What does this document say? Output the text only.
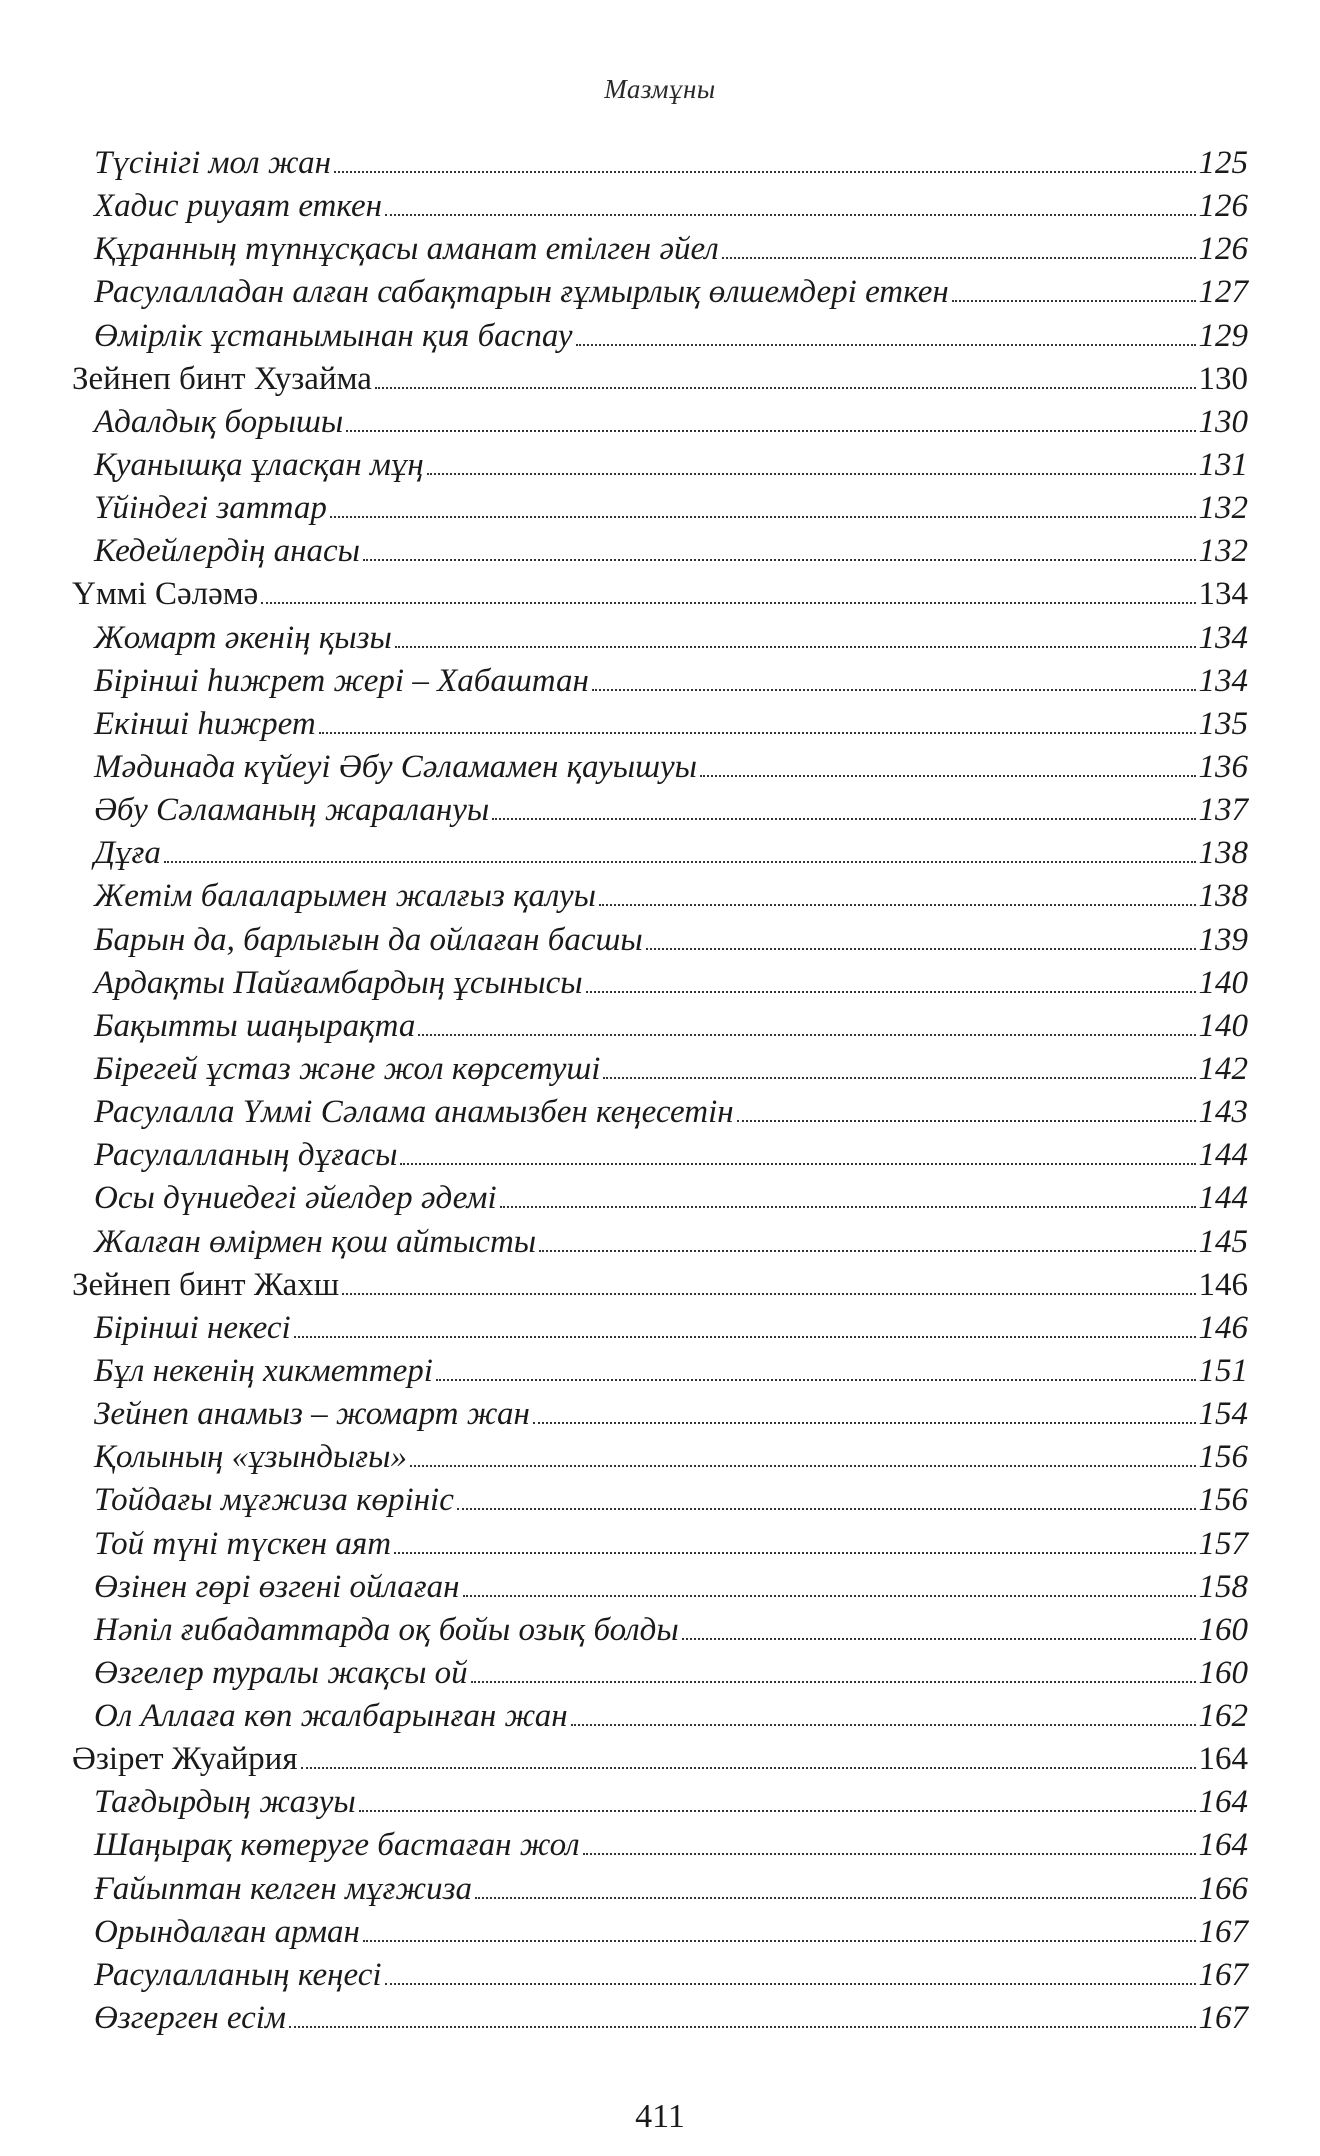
Мазмұны
Түсінігі мол жан	125
Хадис риуаят еткен	126
Құранның түпнұсқасы аманат етілген әйел	126
Расулалладан алған сабақтарын ғұмырлық өлшемдері еткен	127
Өмірлік ұстанымынан қия баспау	129
Зейнеп бинт Хузайма	130
Адалдық борышы	130
Қуанышқа ұласқан мұң	131
Үйіндегі заттар	132
Кедейлердің анасы	132
Үммі Сәләмә	134
Жомарт әкенің қызы	134
Бірінші һижрет жері – Хабаштан	134
Екінші һижрет	135
Мәдинада күйеуі Әбу Сәламамен қауышуы	136
Әбу Сәламаның жаралануы	137
Дұға	138
Жетім балаларымен жалғыз қалуы	138
Барын да, барлығын да ойлаған басшы	139
Ардақты Пайғамбардың ұсынысы	140
Бақытты шаңырақта	140
Бірегей ұстаз және жол көрсетуші	142
Расулалла Үммі Сәлама анамызбен кеңесетін	143
Расулалланың дұғасы	144
Осы дүниедегі әйелдер әдемі	144
Жалған өмірмен қош айтысты	145
Зейнеп бинт Жахш	146
Бірінші некесі	146
Бұл некенің хикметтері	151
Зейнеп анамыз – жомарт жан	154
Қолының «ұзындығы»	156
Тойдағы мұғжиза көрініс	156
Той түні түскен аят	157
Өзінен гөрі өзгені ойлаған	158
Нәпіл ғибадаттарда оқ бойы озық болды	160
Өзгелер туралы жақсы ой	160
Ол Аллаға көп жалбарынған жан	162
Әзірет Жуайрия	164
Тағдырдың жазуы	164
Шаңырақ көтеруге бастаған жол	164
Ғайыптан келген мұғжиза	166
Орындалған арман	167
Расулалланың кеңесі	167
Өзгерген есім	167
411
